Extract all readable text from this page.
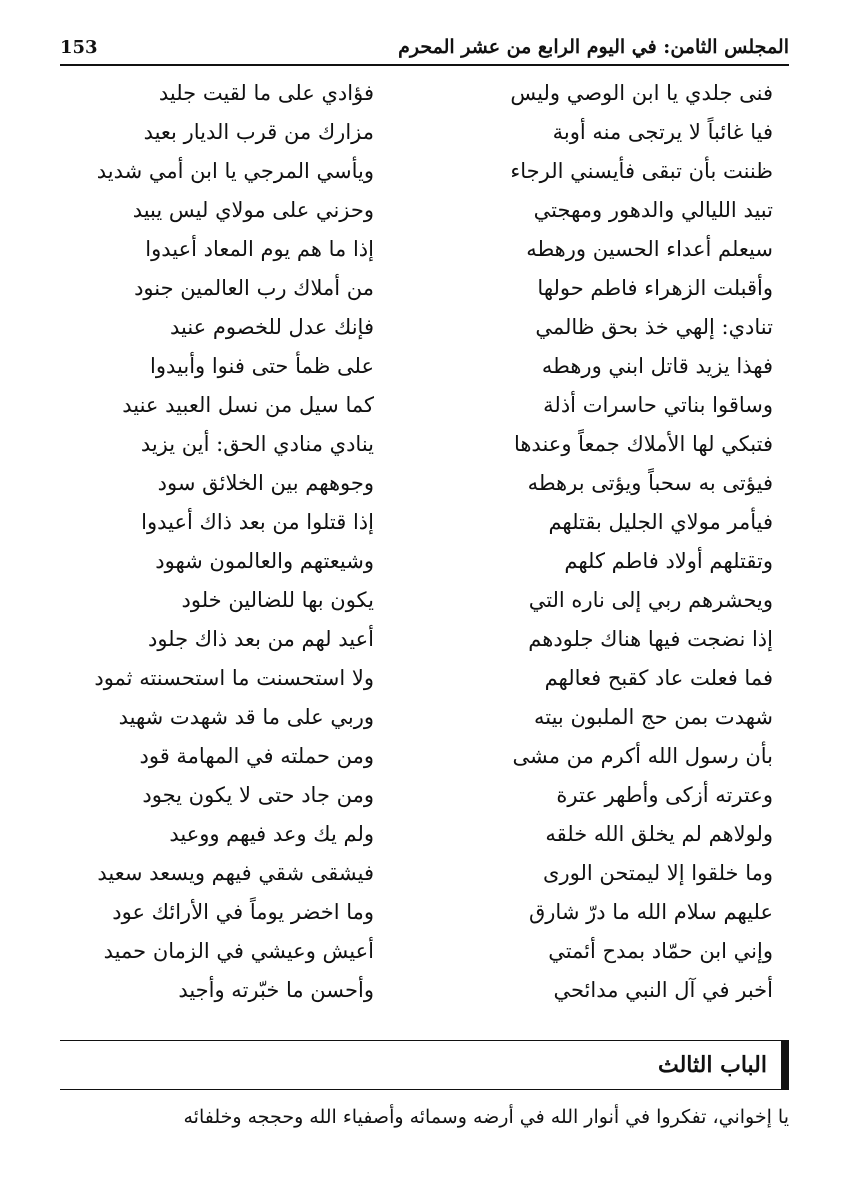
المجلس الثامن: في اليوم الرابع من عشر المحرم
153
فنى جلدي يا ابن الوصي وليس
فؤادي على ما لقيت جليد
فيا غائباً لا يرتجى منه أوبة
مزارك من قرب الديار بعيد
ظننت بأن تبقى فأيسني الرجاء
ويأسي المرجي يا ابن أمي شديد
تبيد الليالي والدهور ومهجتي
وحزني على مولاي ليس يبيد
سيعلم أعداء الحسين ورهطه
إذا ما هم يوم المعاد أعيدوا
وأقبلت الزهراء فاطم حولها
من أملاك رب العالمين جنود
تنادي: إلهي خذ بحق ظالمي
فإنك عدل للخصوم عنيد
فهذا يزيد قاتل ابني ورهطه
على ظمأ حتى فنوا وأبيدوا
وساقوا بناتي حاسرات أذلة
كما سيل من نسل العبيد عنيد
فتبكي لها الأملاك جمعاً وعندها
ينادي منادي الحق: أين يزيد
فيؤتى به سحباً ويؤتى برهطه
وجوههم بين الخلائق سود
فيأمر مولاي الجليل بقتلهم
إذا قتلوا من بعد ذاك أعيدوا
وتقتلهم أولاد فاطم كلهم
وشيعتهم والعالمون شهود
ويحشرهم ربي إلى ناره التي
يكون بها للضالين خلود
إذا نضجت فيها هناك جلودهم
أعيد لهم من بعد ذاك جلود
فما فعلت عاد كقبح فعالهم
ولا استحسنت ما استحسنته ثمود
شهدت بمن حج الملبون بيته
وربي على ما قد شهدت شهيد
بأن رسول الله أكرم من مشى
ومن حملته في المهامة قود
وعترته أزكى وأطهر عترة
ومن جاد حتى لا يكون يجود
ولولاهم لم يخلق الله خلقه
ولم يك وعد فيهم ووعيد
وما خلقوا إلا ليمتحن الورى
فيشقى شقي فيهم ويسعد سعيد
عليهم سلام الله ما درّ شارق
وما اخضر يوماً في الأرائك عود
وإني ابن حمّاد بمدح أئمتي
أعيش وعيشي في الزمان حميد
أخبر في آل النبي مدائحي
وأحسن ما خبّرته وأجيد
الباب الثالث
يا إخواني، تفكروا في أنوار الله في أرضه وسمائه وأصفياء الله وحججه وخلفائه
